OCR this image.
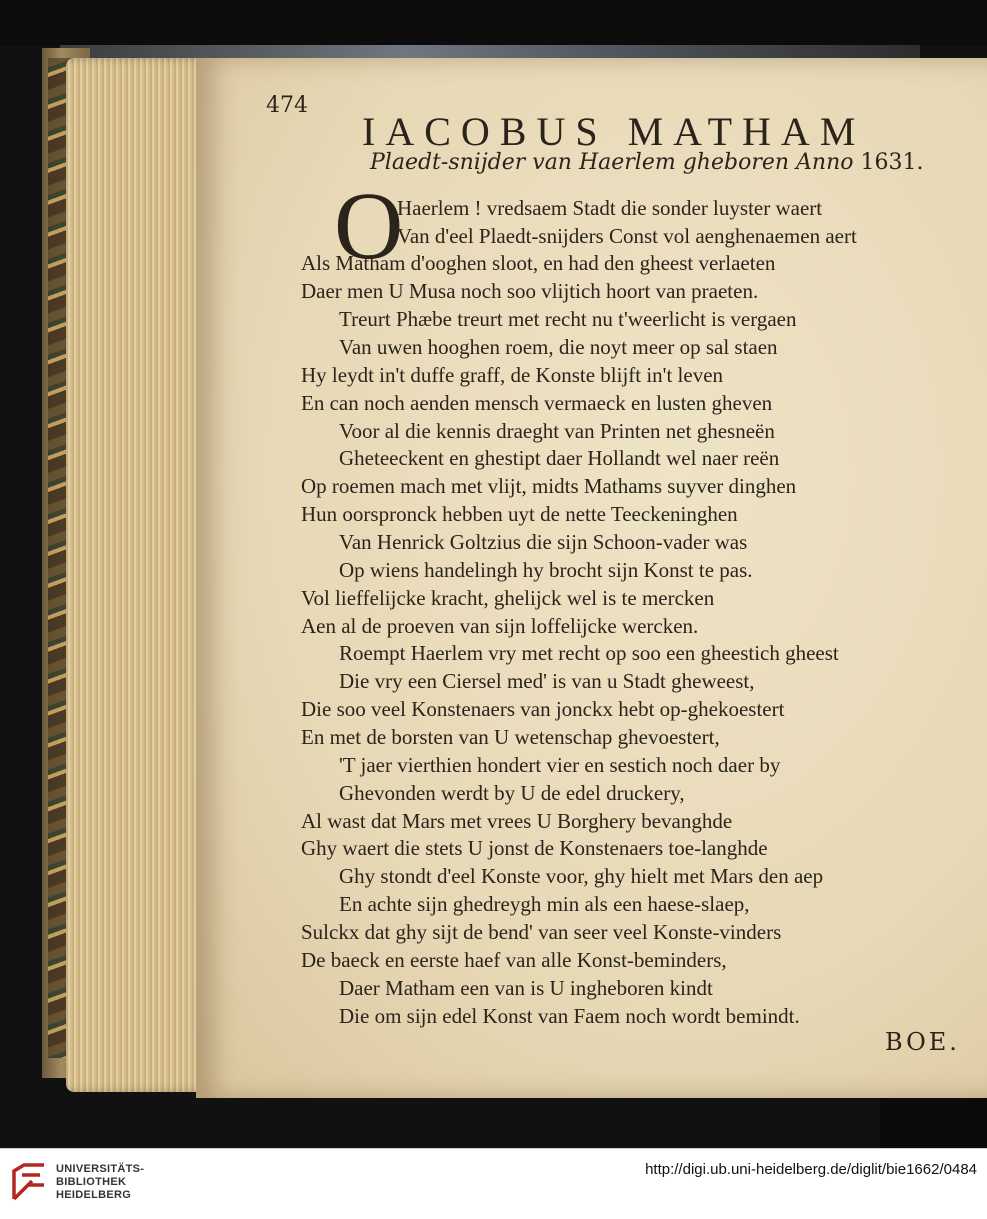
474
IACOBUS MATHAM
Plaedt-snijder van Haerlem gheboren Anno 1631.
O
Haerlem ! vredsaem Stadt die sonder luyster waert
Van d'eel Plaedt-snijders Const vol aenghenaemen aert
Als Matham d'ooghen sloot, en had den gheest verlaeten
Daer men U Musa noch soo vlijtich hoort van praeten.
Treurt Phæbe treurt met recht nu t'weerlicht is vergaen
Van uwen hooghen roem, die noyt meer op sal staen
Hy leydt in't duffe graff, de Konste blijft in't leven
En can noch aenden mensch vermaeck en lusten gheven
Voor al die kennis draeght van Printen net ghesneën
Gheteeckent en ghestipt daer Hollandt wel naer reën
Op roemen mach met vlijt, midts Mathams suyver dinghen
Hun oorspronck hebben uyt de nette Teeckeninghen
Van Henrick Goltzius die sijn Schoon-vader was
Op wiens handelingh hy brocht sijn Konst te pas.
Vol lieffelijcke kracht, ghelijck wel is te mercken
Aen al de proeven van sijn loffelijcke wercken.
Roempt Haerlem vry met recht op soo een gheestich gheest
Die vry een Ciersel med' is van u Stadt gheweest,
Die soo veel Konstenaers van jonckx hebt op-ghekoestert
En met de borsten van U wetenschap ghevoestert,
'T jaer vierthien hondert vier en sestich noch daer by
Ghevonden werdt by U de edel druckery,
Al wast dat Mars met vrees U Borghery bevanghde
Ghy waert die stets U jonst de Konstenaers toe-langhde
Ghy stondt d'eel Konste voor, ghy hielt met Mars den aep
En achte sijn ghedreygh min als een haese-slaep,
Sulckx dat ghy sijt de bend' van seer veel Konste-vinders
De baeck en eerste haef van alle Konst-beminders,
Daer Matham een van is U ingheboren kindt
Die om sijn edel Konst van Faem noch wordt bemindt.
BOE.
UNIVERSITÄTS-
BIBLIOTHEK
HEIDELBERG
http://digi.ub.uni-heidelberg.de/diglit/bie1662/0484
